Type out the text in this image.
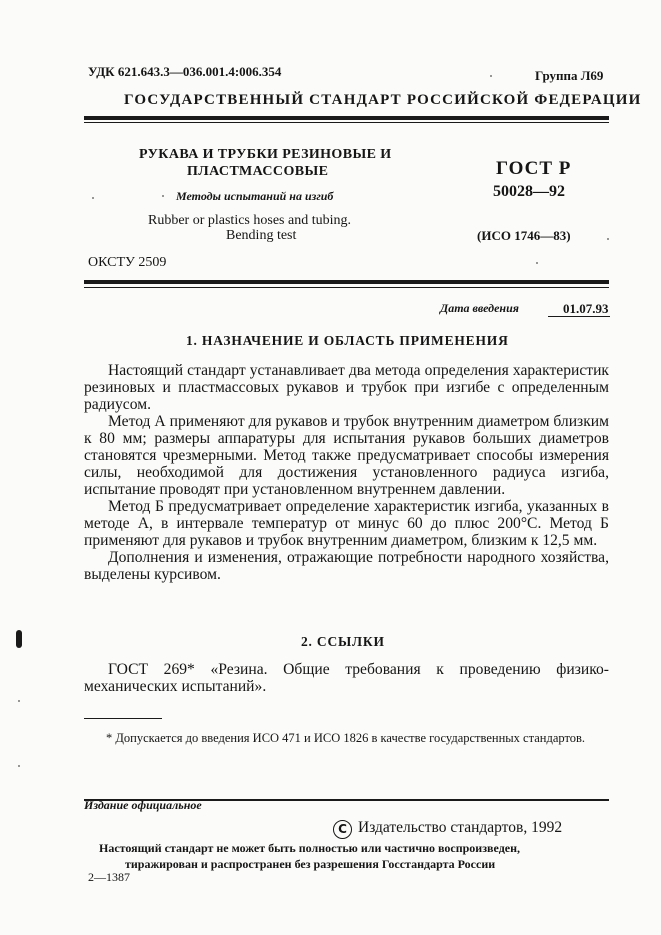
УДК 621.643.3—036.001.4:006.354	Группа Л69
ГОСУДАРСТВЕННЫЙ СТАНДАРТ РОССИЙСКОЙ ФЕДЕРАЦИИ
РУКАВА И ТРУБКИ РЕЗИНОВЫЕ И
ПЛАСТМАССОВЫЕ
Методы испытаний на изгиб
Rubber or plastics hoses and tubing.
Bending test
ГОСТ Р
50028—92
(ИСО 1746—83)
ОКСТУ 2509
Дата введения	01.07.93
1. НАЗНАЧЕНИЕ И ОБЛАСТЬ ПРИМЕНЕНИЯ

Настоящий стандарт устанавливает два метода определения характеристик резиновых и пластмассовых рукавов и трубок при изгибе с определенным радиусом.

Метод А применяют для рукавов и трубок внутренним диаметром близким к 80 мм; размеры аппаратуры для испытания рукавов больших диаметров становятся чрезмерными. Метод также предусматривает способы измерения силы, необходимой для достижения установленного радиуса изгиба, испытание проводят при установленном внутреннем давлении.

Метод Б предусматривает определение характеристик изгиба, указанных в методе А, в интервале температур от минус 60 до плюс 200°С. Метод Б применяют для рукавов и трубок внутренним диаметром, близким к 12,5 мм.

Дополнения и изменения, отражающие потребности народного хозяйства, выделены курсивом.

2. ССЫЛКИ

ГОСТ 269* «Резина. Общие требования к проведению физико-механических испытаний».

* Допускается до введения ИСО 471 и ИСО 1826 в качестве государственных стандартов.

Издание официальное
C Издательство стандартов, 1992
Настоящий стандарт не может быть полностью или частично воспроизведен,
тиражирован и распространен без разрешения Госстандарта России
2—1387
